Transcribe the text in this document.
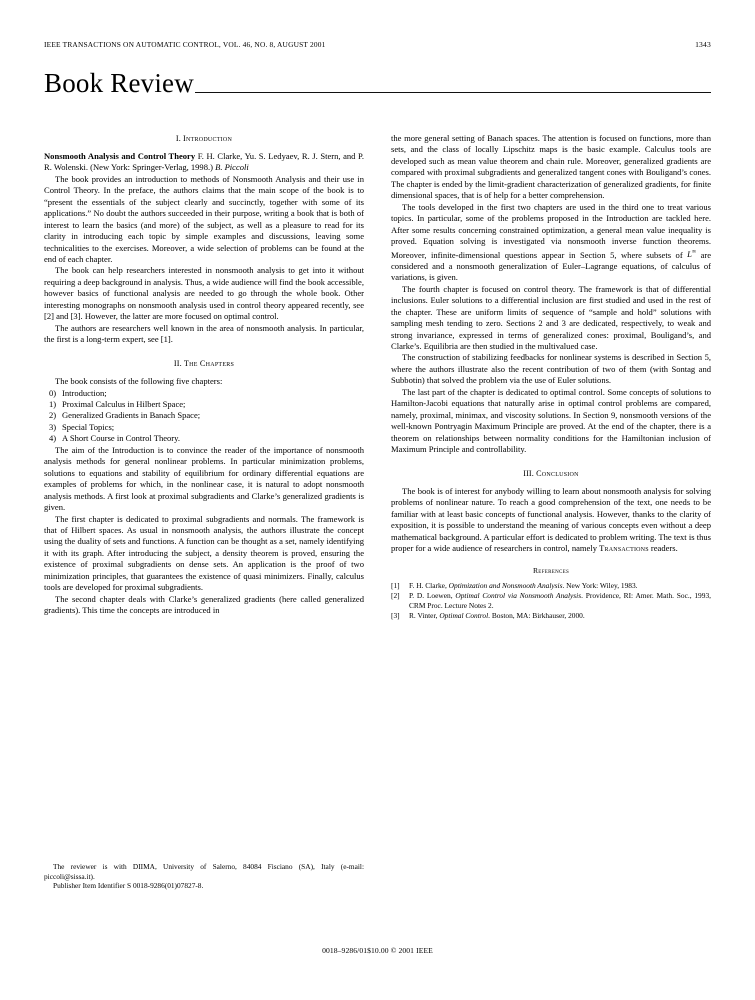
IEEE TRANSACTIONS ON AUTOMATIC CONTROL, VOL. 46, NO. 8, AUGUST 2001	1343
Book Review
I. Introduction

Nonsmooth Analysis and Control Theory F. H. Clarke, Yu. S. Ledyaev, R. J. Stern, and P. R. Wolenski. (New York: Springer-Verlag, 1998.) B. Piccoli

The book provides an introduction to methods of Nonsmooth Analysis and their use in Control Theory. In the preface, the authors claims that the main scope of the book is to “present the essentials of the subject clearly and succinctly, together with some of its applications.” No doubt the authors succeeded in their purpose, writing a book that is both of interest to learn the basics (and more) of the subject, as well as a pleasure to read for its clarity in introducing each topic by simple examples and discussions, leaving some technicalities to the exercises. Moreover, a wide selection of problems can be found at the end of each chapter.

The book can help researchers interested in nonsmooth analysis to get into it without requiring a deep background in analysis. Thus, a wide audience will find the book accessible, however basics of functional analysis are needed to go through the whole book. Other interesting monographs on nonsmooth analysis used in control theory appeared recently, see [2] and [3]. However, the latter are more focused on optimal control.

The authors are researchers well known in the area of nonsmooth analysis. In particular, the first is a long-term expert, see [1].

II. The Chapters

The book consists of the following five chapters:

0) Introduction;
1) Proximal Calculus in Hilbert Space;
2) Generalized Gradients in Banach Space;
3) Special Topics;
4) A Short Course in Control Theory.

The aim of the Introduction is to convince the reader of the importance of nonsmooth analysis methods for general nonlinear problems. In particular minimization problems, solutions to equations and stability of equilibrium for ordinary differential equations are examples of problems for which, in the nonlinear case, it is natural to adopt nonsmooth analysis methods. A first look at proximal subgradients and Clarke’s generalized gradients is given.

The first chapter is dedicated to proximal subgradients and normals. The framework is that of Hilbert spaces. As usual in nonsmooth analysis, the authors illustrate the concept using the duality of sets and functions. A function can be thought as a set, namely identifying it with its graph. After introducing the subject, a density theorem is proved, ensuring the existence of proximal subgradients on dense sets. An application is the proof of two minimization principles, that guarantees the existence of quasi minimizers. Finally, calculus tools are developed for proximal subgradients.

The second chapter deals with Clarke’s generalized gradients (here called generalized gradients). This time the concepts are introduced in

The reviewer is with DIIMA, University of Salerno, 84084 Fisciano (SA), Italy (e-mail: piccoli@sissa.it).

Publisher Item Identifier S 0018-9286(01)07827-8.

the more general setting of Banach spaces. The attention is focused on functions, more than sets, and the class of locally Lipschitz maps is the basic example. Calculus tools are developed such as mean value theorem and chain rule. Moreover, generalized gradients are compared with proximal subgradients and generalized tangent cones with Bouligand’s cones. The chapter is ended by the limit-gradient characterization of generalized gradients, for finite dimensional spaces, that is of help for a better comprehension.

The tools developed in the first two chapters are used in the third one to treat various topics. In particular, some of the problems proposed in the Introduction are tackled here. After some results concerning constrained optimization, a general mean value inequality is proved. Equation solving is investigated via nonsmooth inverse function theorems. Moreover, infinite-dimensional questions appear in Section 5, where subsets of L∞ are considered and a nonsmooth generalization of Euler–Lagrange equations, of calculus of variations, is given.

The fourth chapter is focused on control theory. The framework is that of differential inclusions. Euler solutions to a differential inclusion are first studied and used in the rest of the chapter. These are uniform limits of sequence of “sample and hold” solutions with sampling mesh tending to zero. Sections 2 and 3 are dedicated, respectively, to weak and strong invariance, expressed in terms of generalized cones: proximal, Bouligand’s, and Clarke’s. Equilibria are then studied in the multivalued case.

The construction of stabilizing feedbacks for nonlinear systems is described in Section 5, where the authors illustrate also the recent contribution of two of them (with Sontag and Subbotin) that solved the problem via the use of Euler solutions.

The last part of the chapter is dedicated to optimal control. Some concepts of solutions to Hamilton-Jacobi equations that naturally arise in optimal control problems are compared, namely, proximal, minimax, and viscosity solutions. In Section 9, nonsmooth versions of the well-known Pontryagin Maximum Principle are proved. At the end of the chapter, there is a theorem on relationships between normality conditions for the Hamiltonian inclusion of Maximum Principle and controllability.

III. Conclusion

The book is of interest for anybody willing to learn about nonsmooth analysis for solving problems of nonlinear nature. To reach a good comprehension of the text, one needs to be familiar with at least basic concepts of functional analysis. However, thanks to the clarity of exposition, it is possible to understand the meaning of various concepts even without a deep mathematical background. A particular effort is dedicated to problem writing. The text is thus proper for a wide audience of researchers in control, namely Transactions readers.

References
[1]	F. H. Clarke, Optimization and Nonsmooth Analysis. New York: Wiley, 1983.
[2]	P. D. Loewen, Optimal Control via Nonsmooth Analysis. Providence, RI: Amer. Math. Soc., 1993, CRM Proc. Lecture Notes 2.
[3]	R. Vinter, Optimal Control. Boston, MA: Birkhauser, 2000.
0018–9286/01$10.00 © 2001 IEEE
